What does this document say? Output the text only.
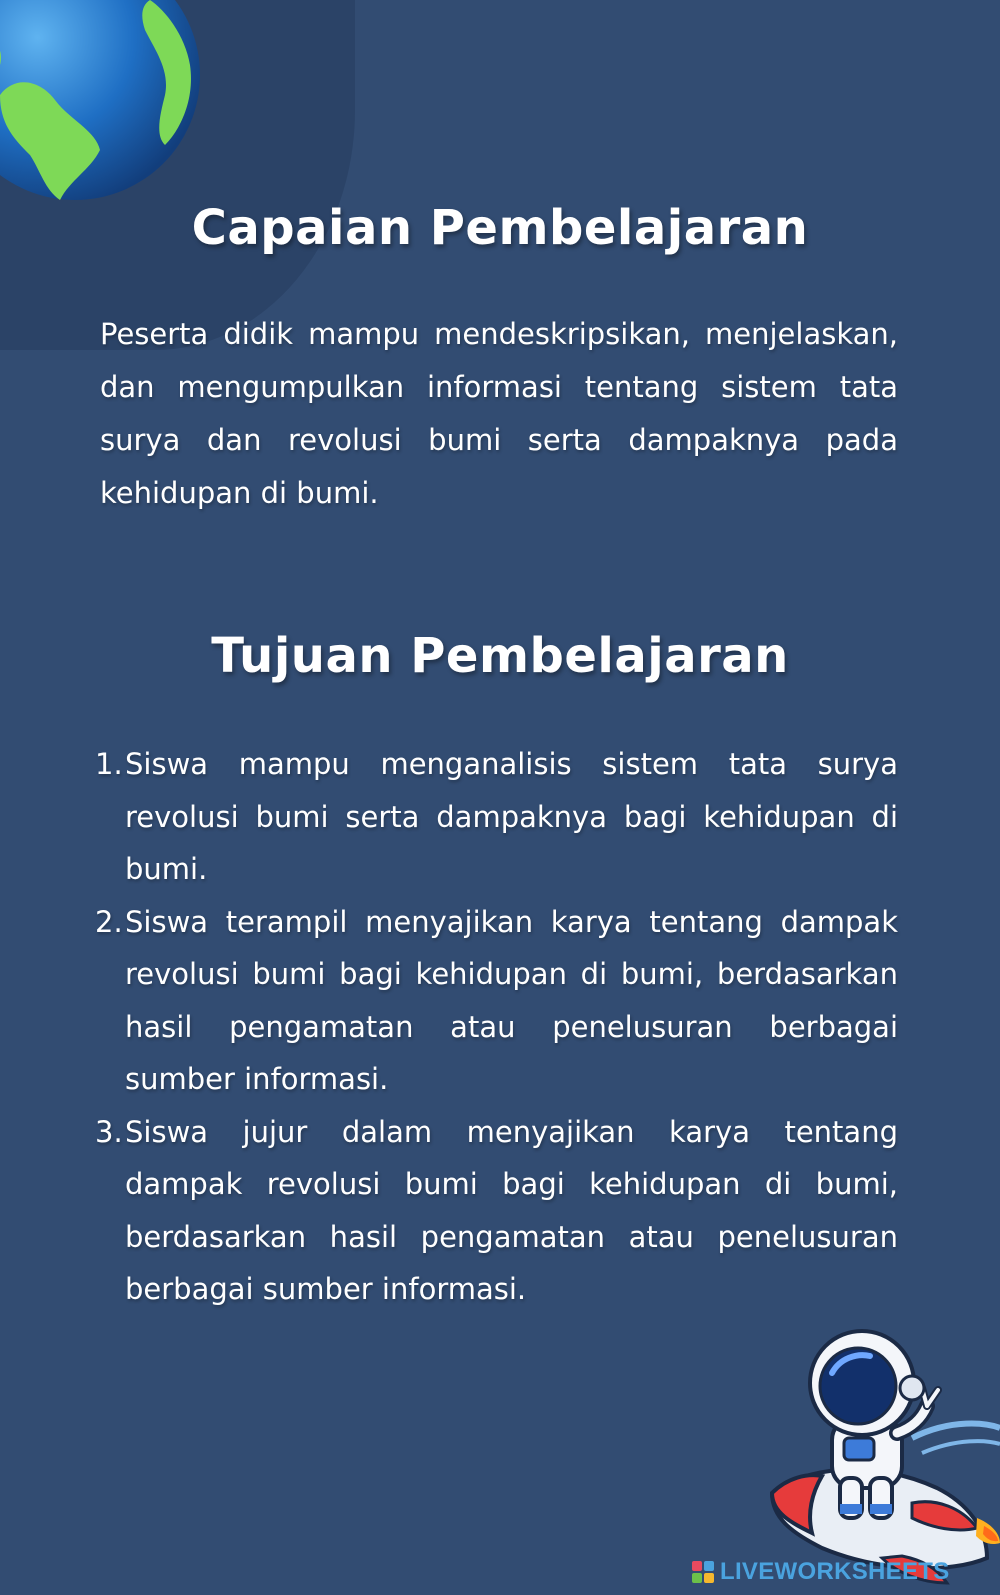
Capaian Pembelajaran

Peserta didik mampu mendeskripsikan, menjelaskan, dan mengumpulkan informasi tentang sistem tata surya dan revolusi bumi serta dampaknya pada kehidupan di bumi.

Tujuan Pembelajaran
1. Siswa mampu menganalisis sistem tata surya revolusi bumi serta dampaknya bagi kehidupan di bumi.
2. Siswa terampil menyajikan karya tentang dampak revolusi bumi bagi kehidupan di bumi, berdasarkan hasil pengamatan atau penelusuran berbagai sumber informasi.
3. Siswa jujur dalam menyajikan karya tentang dampak revolusi bumi bagi kehidupan di bumi, berdasarkan hasil pengamatan atau penelusuran berbagai sumber informasi.
LIVEWORKSHEETS
